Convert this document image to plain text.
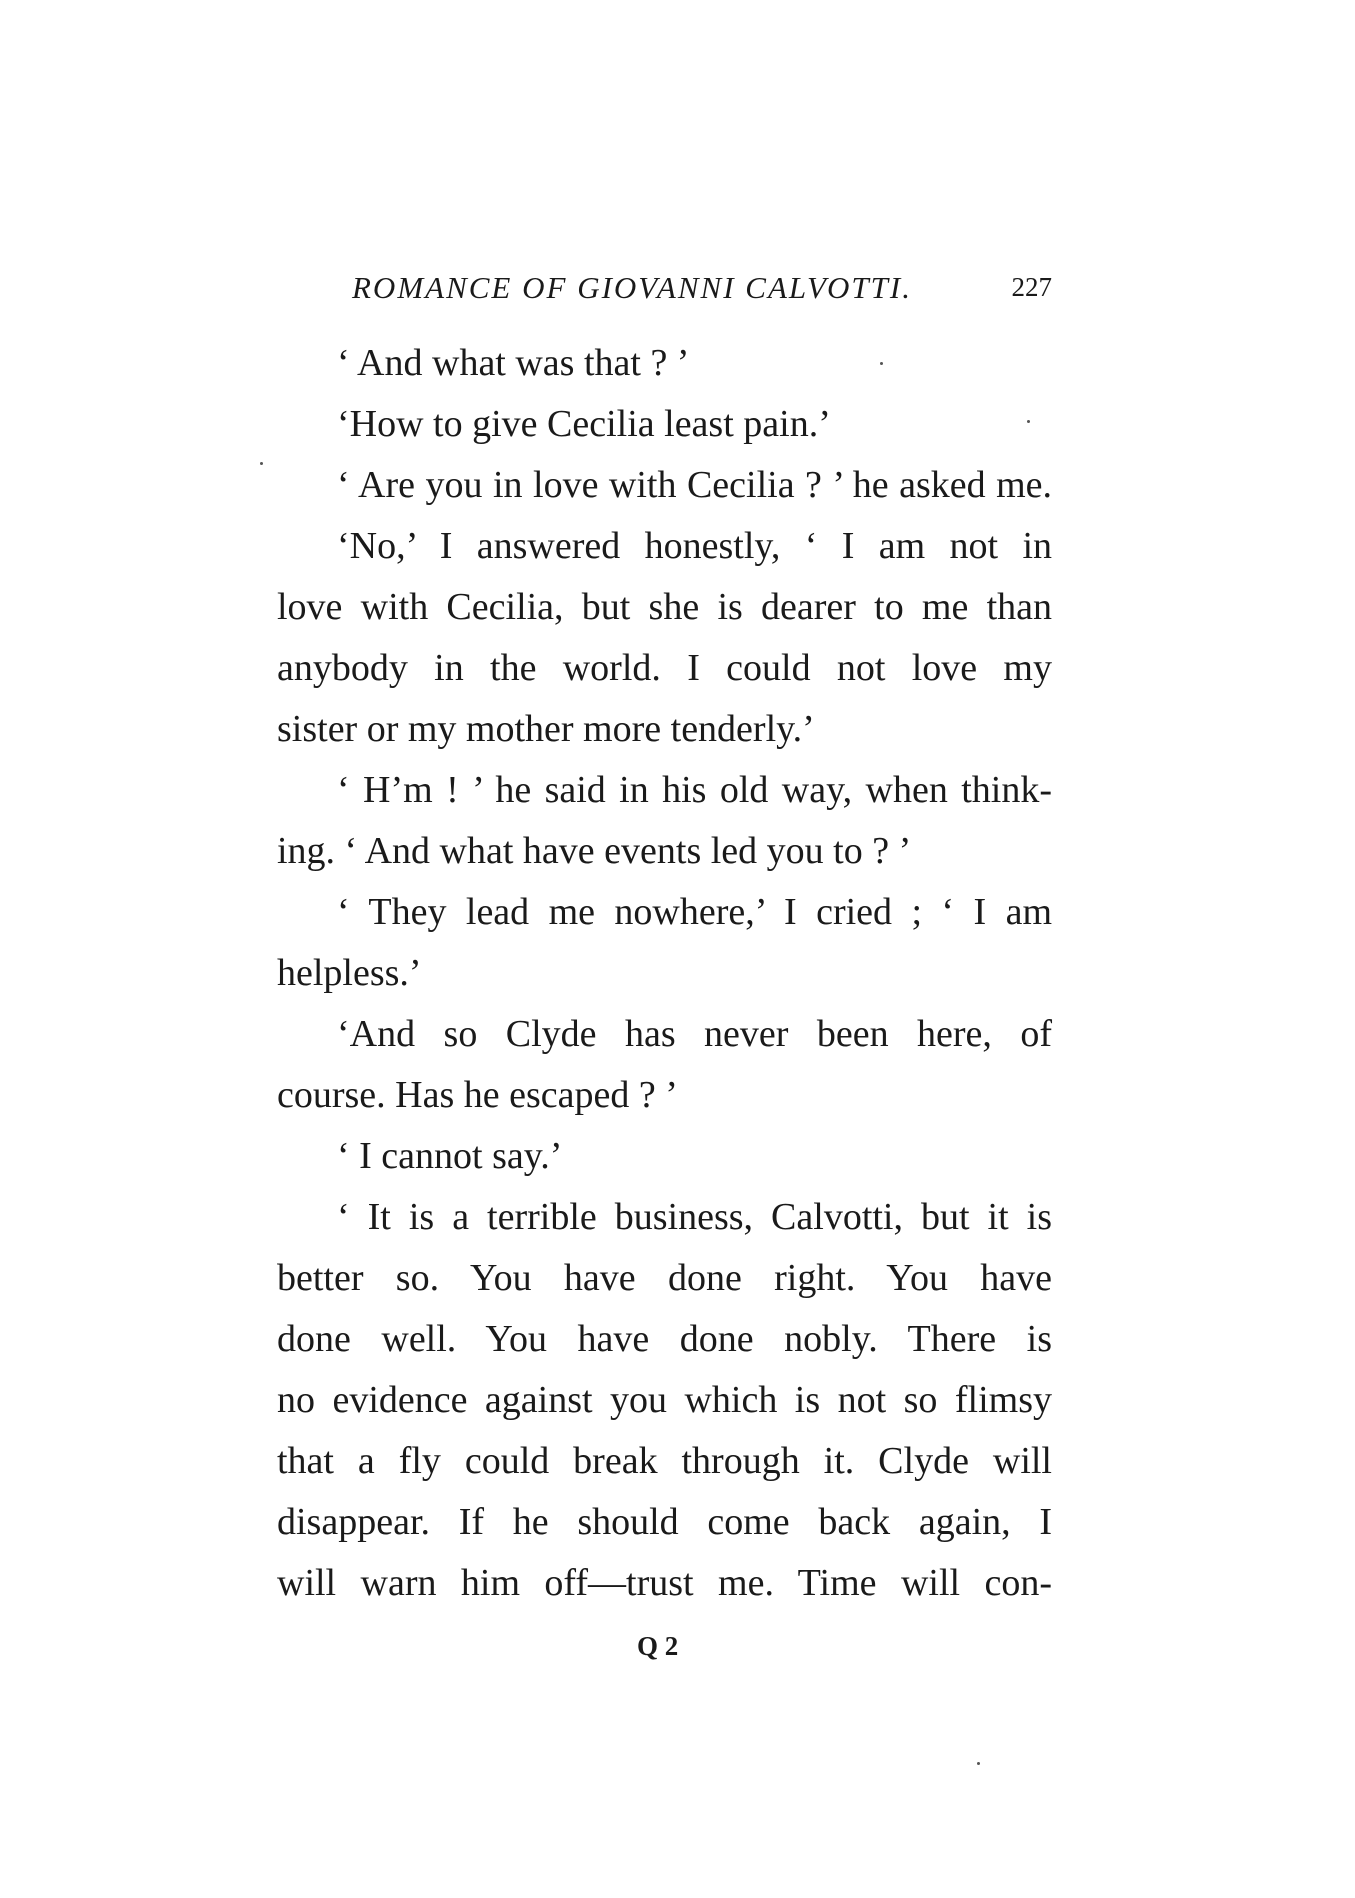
ROMANCE OF GIOVANNI CALVOTTI.	227
‘ And what was that ? ’
‘How to give Cecilia least pain.’
‘ Are you in love with Cecilia ? ’ he asked me.
‘No,’ I answered honestly, ‘ I am not in
love with Cecilia, but she is dearer to me than
anybody in the world. I could not love my
sister or my mother more tenderly.’
‘ H’m ! ’ he said in his old way, when think-
ing. ‘ And what have events led you to ? ’
‘ They lead me nowhere,’ I cried ; ‘ I am
helpless.’
‘And so Clyde has never been here, of
course. Has he escaped ? ’
‘ I cannot say.’
‘ It is a terrible business, Calvotti, but it is
better so. You have done right. You have
done well. You have done nobly. There is
no evidence against you which is not so flimsy
that a fly could break through it. Clyde will
disappear. If he should come back again, I
will warn him off—trust me. Time will con-
Q 2
